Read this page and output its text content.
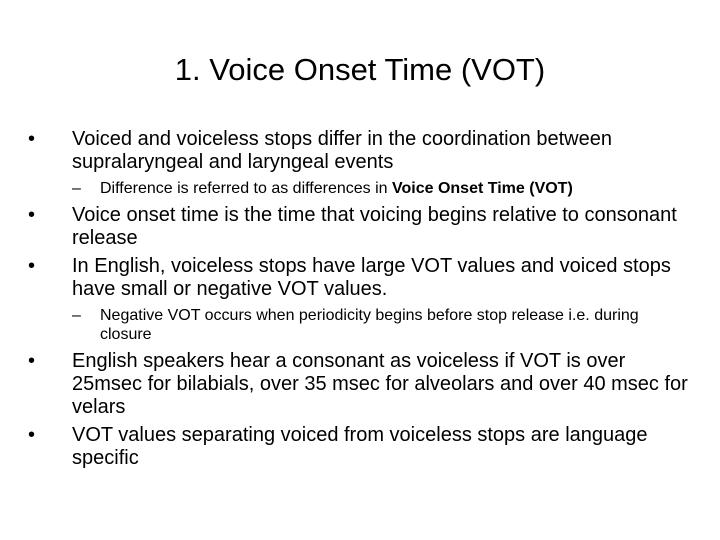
1. Voice Onset Time (VOT)

•	Voiced and voiceless stops differ in the coordination between supralaryngeal and laryngeal events

–	Difference is referred to as differences in Voice Onset Time (VOT)

•	Voice onset time is the time that voicing begins relative to consonant release

•	In English, voiceless stops have large VOT values and voiced stops have small or negative VOT values.

–	Negative VOT occurs when periodicity begins before stop release i.e. during closure

•	English speakers hear a consonant as voiceless if VOT is over 25msec for bilabials, over 35 msec for alveolars and over 40 msec for velars

•	VOT values separating voiced from voiceless stops are language specific
